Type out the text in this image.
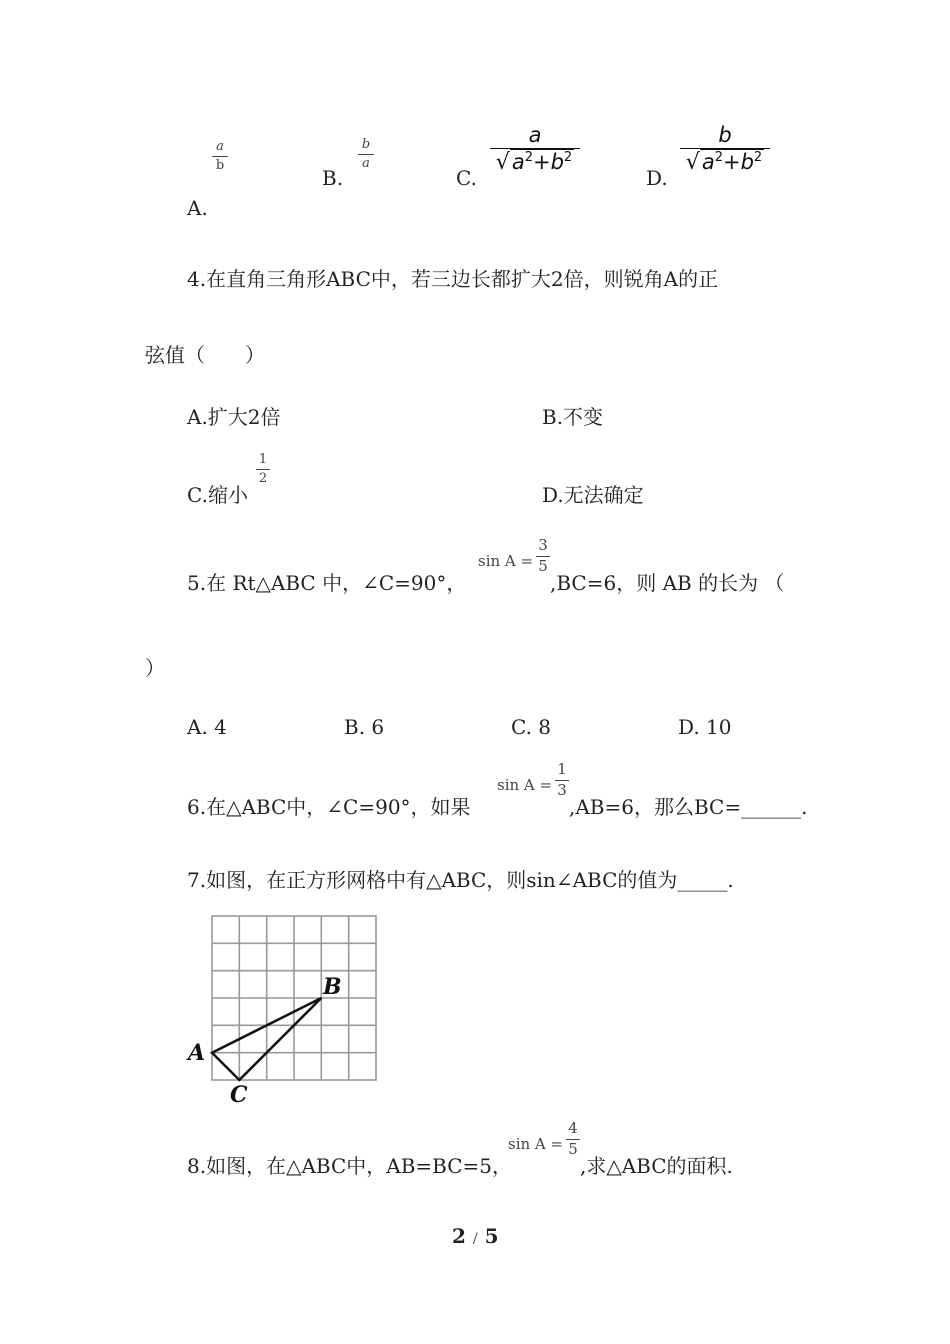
a
b
A.
B.
b
a
C.
a
$√a^2+b^2$
D.
b
$√a^2+b^2$
4.在直角三角形ABC中，若三边长都扩大2倍，则锐角A的正
弦值（　　）
A.扩大2倍	B.不变
C.缩小
1
2
D.无法确定
5.在 Rt△ABC 中，∠C=90°，
sin A =
3
5
,BC=6，则 AB 的长为 （
）
A. 4	B. 6	C. 8	D. 10
6.在△ABC中，∠C=90°，如果
sin A =
1
3
,AB=6，那么BC=______.
7.如图，在正方形网格中有△ABC，则sin∠ABC的值为_____.
A
B
C
8.如图，在△ABC中，AB=BC=5，
sin A =
4
5
,求△ABC的面积.
2 / 5
